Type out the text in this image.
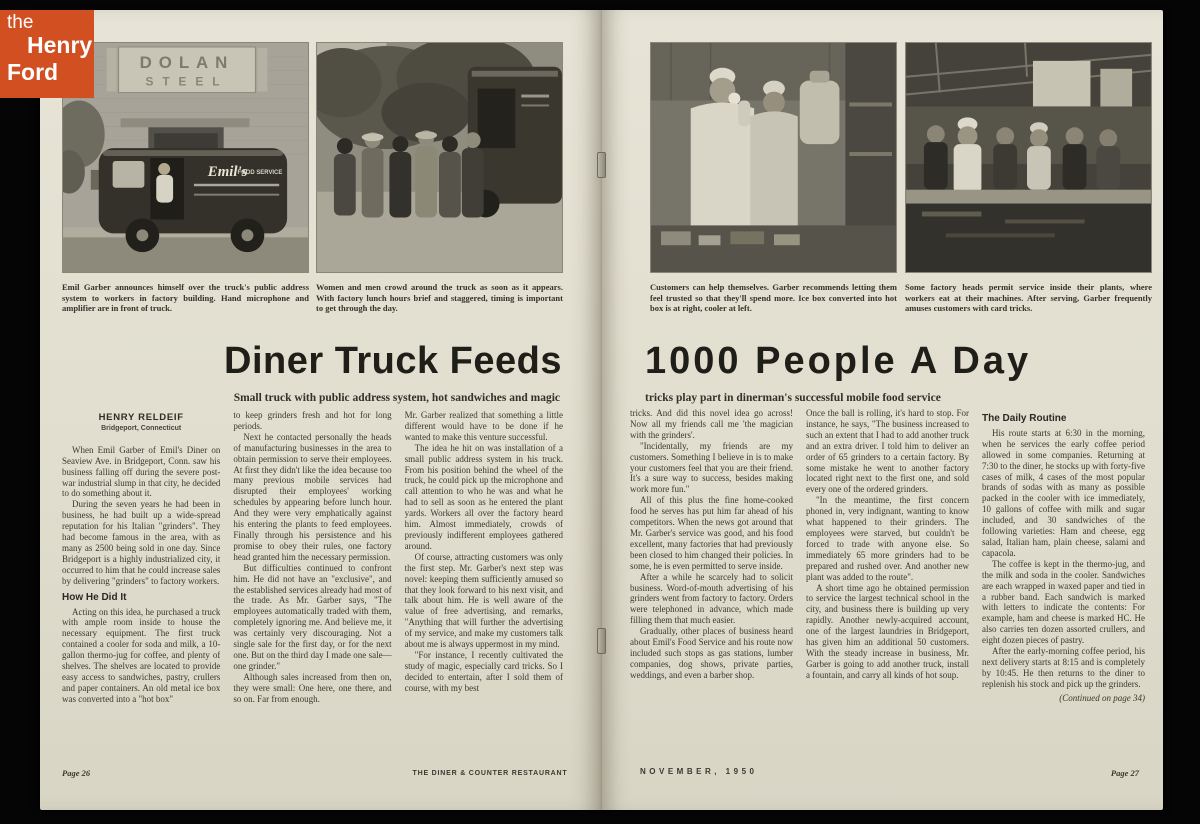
the
Henry
Ford	DOLAN
STEEL
Emil's
FOOD SERVICE
Emil Garber announces himself over the truck's public address system to workers in factory building. Hand microphone and amplifier are in front of truck.
Women and men crowd around the truck as soon as it appears. With factory lunch hours brief and staggered, timing is important to get through the day.
Diner Truck Feeds
Small truck with public address system, hot sandwiches and magic

HENRY RELDEIF

Bridgeport, Connecticut

When Emil Garber of Emil's Diner on Seaview Ave. in Bridgeport, Conn. saw his business falling off during the severe post-war industrial slump in that city, he decided to do something about it.

During the seven years he had been in business, he had built up a wide-spread reputation for his Italian "grinders". They had become famous in the area, with as many as 2500 being sold in one day. Since Bridgeport is a highly industrialized city, it occurred to him that he could increase sales by delivering "grinders" to factory workers.

How He Did It

Acting on this idea, he purchased a truck with ample room inside to house the necessary equipment. The first truck contained a cooler for soda and milk, a 10-gallon thermo-jug for coffee, and plenty of shelves. The shelves are located to provide easy access to sandwiches, pastry, crullers and paper containers. An old metal ice box was converted into a "hot box"

to keep grinders fresh and hot for long periods.

Next he contacted personally the heads of manufacturing businesses in the area to obtain permission to serve their employees. At first they didn't like the idea because too many previous mobile services had disrupted their employees' working schedules by appearing before lunch hour. And they were very emphatically against his entering the plants to feed employees. Finally through his persistence and his promise to obey their rules, one factory head granted him the necessary permission.

But difficulties continued to confront him. He did not have an "exclusive", and the established services already had most of the trade. As Mr. Garber says, "The employees automatically traded with them, completely ignoring me. And believe me, it was certainly very discouraging. Not a single sale for the first day, or for the next one. But on the third day I made one sale—one grinder."

Although sales increased from then on, they were small: One here, one there, and so on. Far from enough.

Mr. Garber realized that something a little different would have to be done if he wanted to make this venture successful.

The idea he hit on was installation of a small public address system in his truck. From his position behind the wheel of the truck, he could pick up the microphone and call attention to who he was and what he had to sell as soon as he entered the plant yards. Workers all over the factory heard him. Almost immediately, crowds of previously indifferent employees gathered around.

Of course, attracting customers was only the first step. Mr. Garber's next step was novel: keeping them sufficiently amused so that they look forward to his next visit, and talk about him. He is well aware of the value of free advertising, and remarks, "Anything that will further the advertising of my service, and make my customers talk about me is always uppermost in my mind.

"For instance, I recently cultivated the study of magic, especially card tricks. So I decided to entertain, after I sold them of course, with my best

Page 26	THE DINER & COUNTER RESTAURANT
Customers can help themselves. Garber recommends letting them feel trusted so that they'll spend more. Ice box converted into hot box is at right, cooler at left.
Some factory heads permit service inside their plants, where workers eat at their machines. After serving, Garber frequently amuses customers with card tricks.
1000 People A Day
tricks play part in dinerman's successful mobile food service

tricks. And did this novel idea go across! Now all my friends call me 'the magician with the grinders'.

"Incidentally, my friends are my customers. Something I believe in is to make your customers feel that you are their friend. It's a sure way to success, besides making work more fun."

All of this plus the fine home-cooked food he serves has put him far ahead of his competitors. When the news got around that Mr. Garber's service was good, and his food excellent, many factories that had previously been closed to him changed their policies. In some, he is even permitted to serve inside.

After a while he scarcely had to solicit business. Word-of-mouth advertising of his grinders went from factory to factory. Orders were telephoned in advance, which made filling them that much easier.

Gradually, other places of business heard about Emil's Food Service and his route now included such stops as gas stations, lumber companies, dog shows, private parties, weddings, and even a barber shop.

Once the ball is rolling, it's hard to stop. For instance, he says, "The business increased to such an extent that I had to add another truck and an extra driver. I told him to deliver an order of 65 grinders to a certain factory. By some mistake he went to another factory located right next to the first one, and sold every one of the ordered grinders.

"In the meantime, the first concern phoned in, very indignant, wanting to know what happened to their grinders. The employees were starved, but couldn't be forced to trade with anyone else. So immediately 65 more grinders had to be prepared and rushed over. And another new plant was added to the route".

A short time ago he obtained permission to service the largest technical school in the city, and business there is building up very rapidly. Another newly-acquired account, one of the largest laundries in Bridgeport, has given him an additional 50 customers. With the steady increase in business, Mr. Garber is going to add another truck, install a fountain, and carry all kinds of hot soup.

The Daily Routine

His route starts at 6:30 in the morning, when he services the early coffee period allowed in some companies. Returning at 7:30 to the diner, he stocks up with forty-five cases of milk, 4 cases of the most popular brands of sodas with as many as possible packed in the cooler with ice immediately, 10 gallons of coffee with milk and sugar included, and 30 sandwiches of the following varieties: Ham and cheese, egg salad, Italian ham, plain cheese, salami and capacola.

The coffee is kept in the thermo-jug, and the milk and soda in the cooler. Sandwiches are each wrapped in waxed paper and tied in a rubber band. Each sandwich is marked with letters to indicate the contents: For example, ham and cheese is marked HC. He also carries ten dozen assorted crullers, and eight dozen pieces of pastry.

After the early-morning coffee period, his next delivery starts at 8:15 and is completely by 10:45. He then returns to the diner to replenish his stock and pick up the grinders.

(Continued on page 34)

NOVEMBER, 1950	Page 27
